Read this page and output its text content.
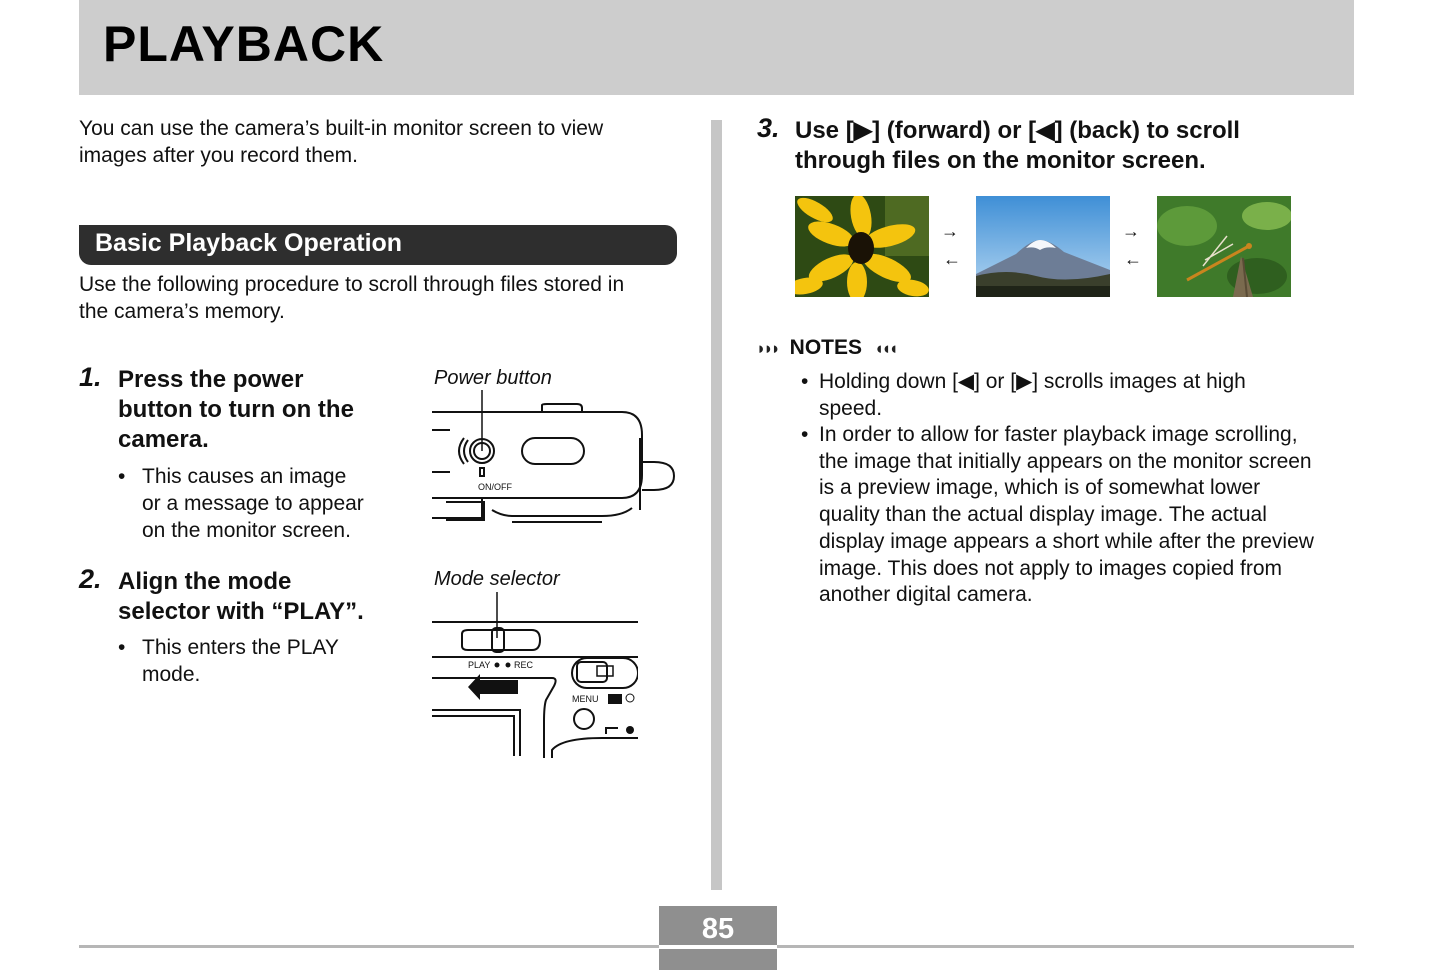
PLAYBACK
You can use the camera’s built-in monitor screen to view
images after you record them.
Basic Playback Operation
Use the following procedure to scroll through files stored in
the camera’s memory.
1. Press the power
button to turn on the
camera.
• This causes an image
or a message to appear
on the monitor screen.
Power button
ON/OFF
2. Align the mode
selector with “PLAY”.
• This enters the PLAY
mode.
Mode selector
PLAY	REC
MENU
3. Use [▶] (forward) or [◀] (back) to scroll
through files on the monitor screen.
→
←
→
←
◗◗◗ NOTES ◖◖◖
• Holding down [◀] or [▶] scrolls images at high
speed.
• In order to allow for faster playback image scrolling,
the image that initially appears on the monitor screen
is a preview image, which is of somewhat lower
quality than the actual display image. The actual
display image appears a short while after the preview
image. This does not apply to images copied from
another digital camera.
85
